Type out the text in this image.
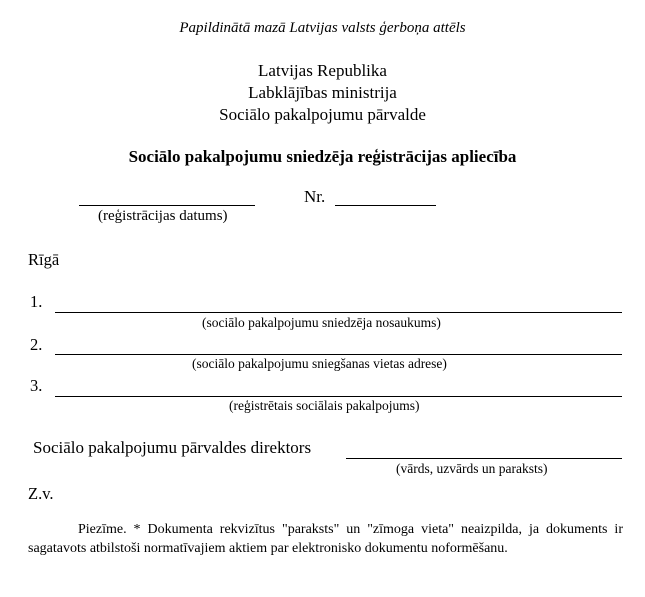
Papildinātā mazā Latvijas valsts ģerboņa attēls
Latvijas Republika
Labklājības ministrija
Sociālo pakalpojumu pārvalde
Sociālo pakalpojumu sniedzēja reģistrācijas apliecība
(reģistrācijas datums)
Nr.
Rīgā
1.
(sociālo pakalpojumu sniedzēja nosaukums)
2.
(sociālo pakalpojumu sniegšanas vietas adrese)
3.
(reģistrētais sociālais pakalpojums)
Sociālo pakalpojumu pārvaldes direktors
(vārds, uzvārds un paraksts)
Z.v.
Piezīme. * Dokumenta rekvizītus "paraksts" un "zīmoga vieta" neaizpilda, ja dokuments ir sagatavots atbilstoši normatīvajiem aktiem par elektronisko dokumentu noformēšanu.
